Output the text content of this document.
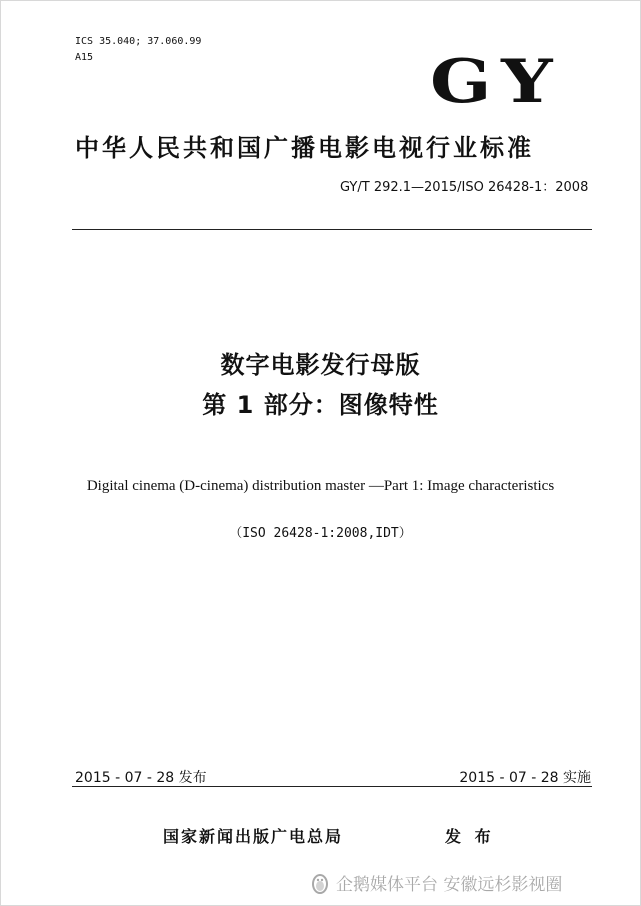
ICS 35.040; 37.060.99
A15	GY
中华人民共和国广播电影电视行业标准
GY/T 292.1—2015/ISO 26428-1：2008
数字电影发行母版
第 1 部分：图像特性
Digital cinema (D-cinema) distribution master —Part 1: Image characteristics
（ISO 26428-1:2008,IDT）
2015 - 07 - 28 发布	2015 - 07 - 28 实施
国家新闻出版广电总局	发 布
企鹅媒体平台 安徽远杉影视圈
